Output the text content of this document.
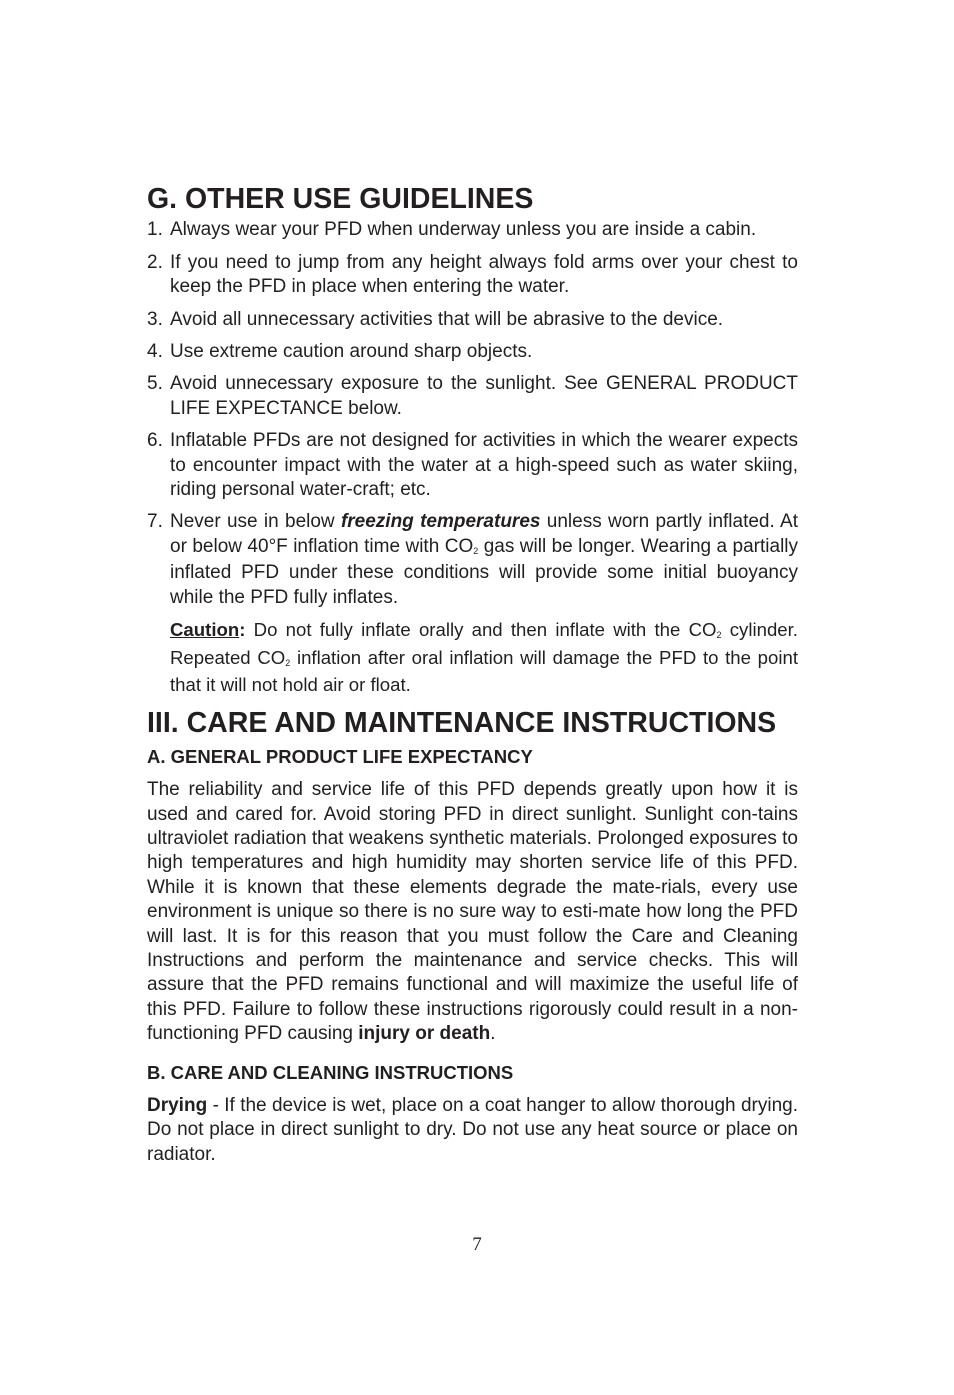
G. OTHER USE GUIDELINES

1. Always wear your PFD when underway unless you are inside a cabin.

2. If you need to jump from any height always fold arms over your chest to keep the PFD in place when entering the water.

3. Avoid all unnecessary activities that will be abrasive to the device.

4. Use extreme caution around sharp objects.

5. Avoid unnecessary exposure to the sunlight. See GENERAL PRODUCT LIFE EXPECTANCE below.

6. Inflatable PFDs are not designed for activities in which the wearer expects to encounter impact with the water at a high-speed such as water skiing, riding personal water-craft; etc.

7. Never use in below freezing temperatures unless worn partly inflated. At or below 40°F inflation time with $CO_2$ gas will be longer. Wearing a partially inflated PFD under these conditions will provide some initial buoyancy while the PFD fully inflates.

Caution: Do not fully inflate orally and then inflate with the $CO_2$ cylinder. Repeated $CO_2$ inflation after oral inflation will damage the PFD to the point that it will not hold air or float.

III. CARE AND MAINTENANCE INSTRUCTIONS
A. GENERAL PRODUCT LIFE EXPECTANCY

The reliability and service life of this PFD depends greatly upon how it is used and cared for. Avoid storing PFD in direct sunlight. Sunlight con-tains ultraviolet radiation that weakens synthetic materials. Prolonged exposures to high temperatures and high humidity may shorten service life of this PFD. While it is known that these elements degrade the mate-rials, every use environment is unique so there is no sure way to esti-mate how long the PFD will last. It is for this reason that you must follow the Care and Cleaning Instructions and perform the maintenance and service checks. This will assure that the PFD remains functional and will maximize the useful life of this PFD. Failure to follow these instructions rigorously could result in a non-functioning PFD causing injury or death.

B. CARE AND CLEANING INSTRUCTIONS

Drying - If the device is wet, place on a coat hanger to allow thorough drying. Do not place in direct sunlight to dry. Do not use any heat source or place on radiator.

7
